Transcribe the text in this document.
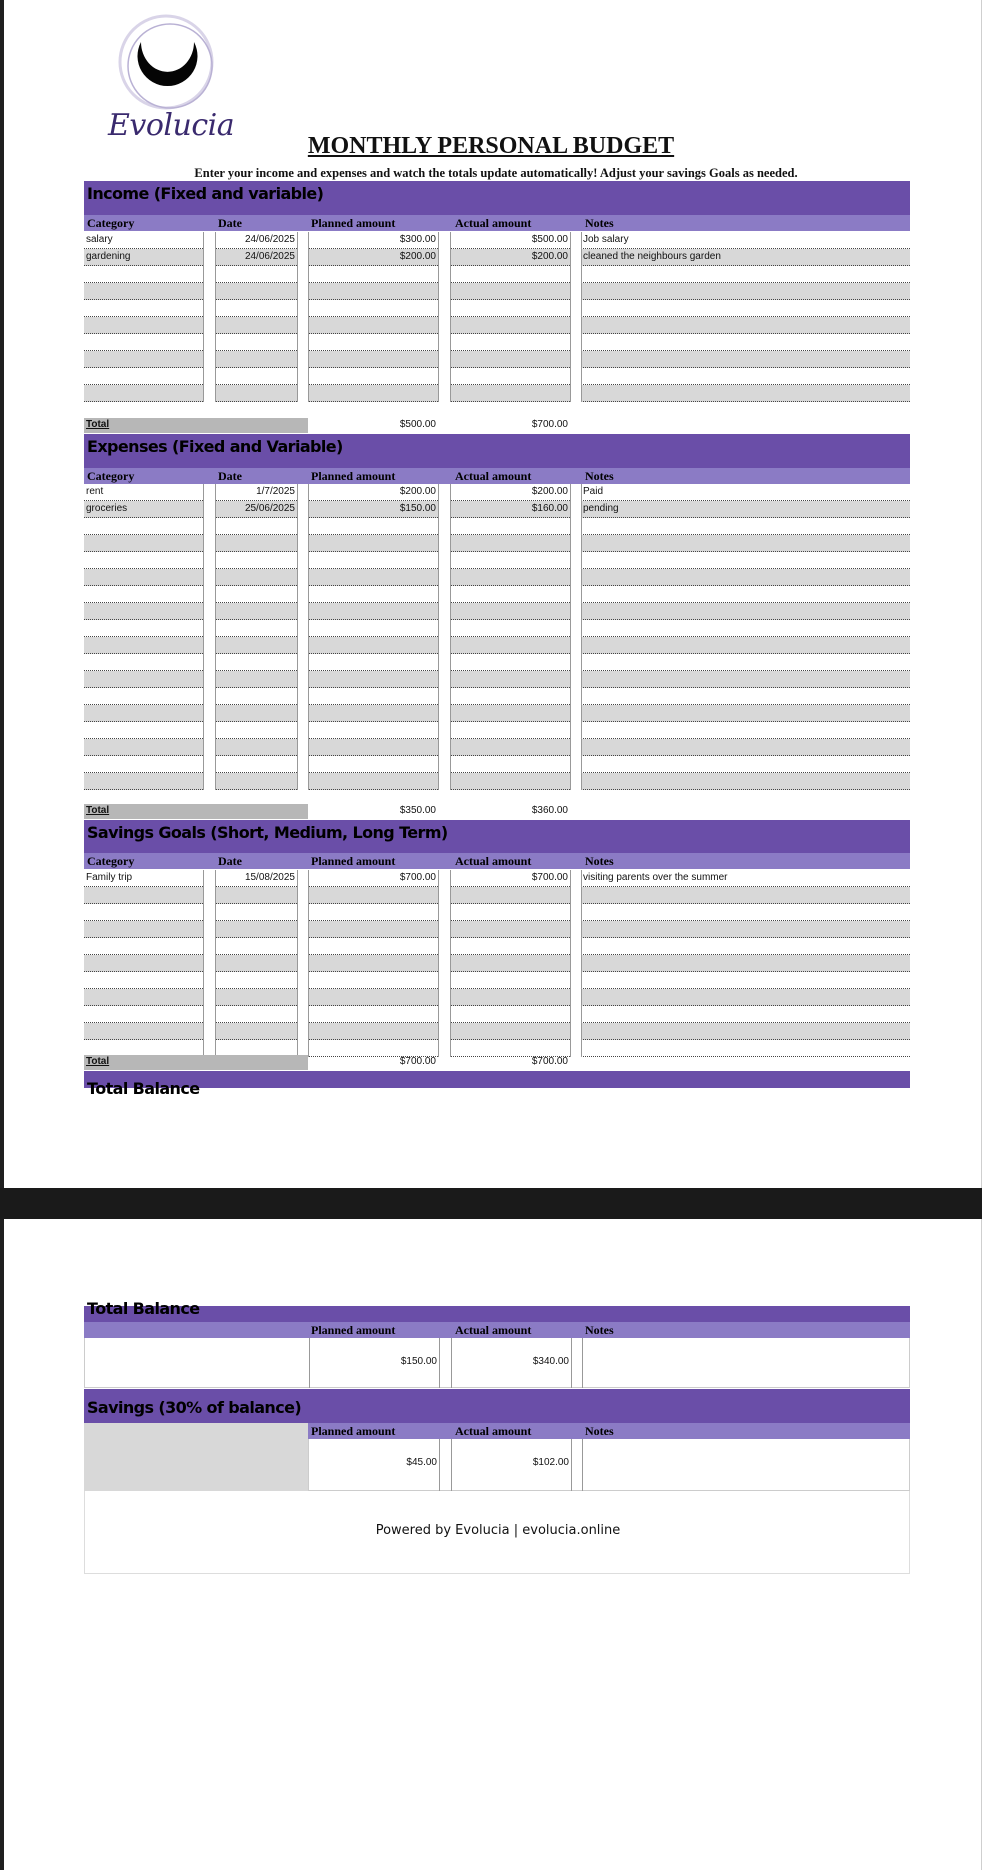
Evolucia
MONTHLY PERSONAL BUDGET
Enter your income and expenses and watch the totals update automatically! Adjust your savings Goals as needed.
Income (Fixed and variable)
Category	Date	Planned amount	Actual amount	Notes
salary	24/06/2025	$300.00	$500.00 Job salary
gardening	24/06/2025	$200.00	$200.00 cleaned the neighbours garden
Total	$500.00	$700.00
Expenses (Fixed and Variable)
Category	Date	Planned amount	Actual amount	Notes
rent	1/7/2025	$200.00	$200.00 Paid
groceries	25/06/2025	$150.00	$160.00 pending
Total	$350.00	$360.00
Savings Goals (Short, Medium, Long Term)
Category	Date	Planned amount	Actual amount	Notes
Family trip	15/08/2025	$700.00	$700.00 visiting parents over the summer
Total	$700.00	$700.00
Total Balance
Total Balance
Planned amount	Actual amount	Notes
$150.00	$340.00
Savings (30% of balance)
Planned amount	Actual amount	Notes
$45.00	$102.00
Powered by Evolucia | evolucia.online
